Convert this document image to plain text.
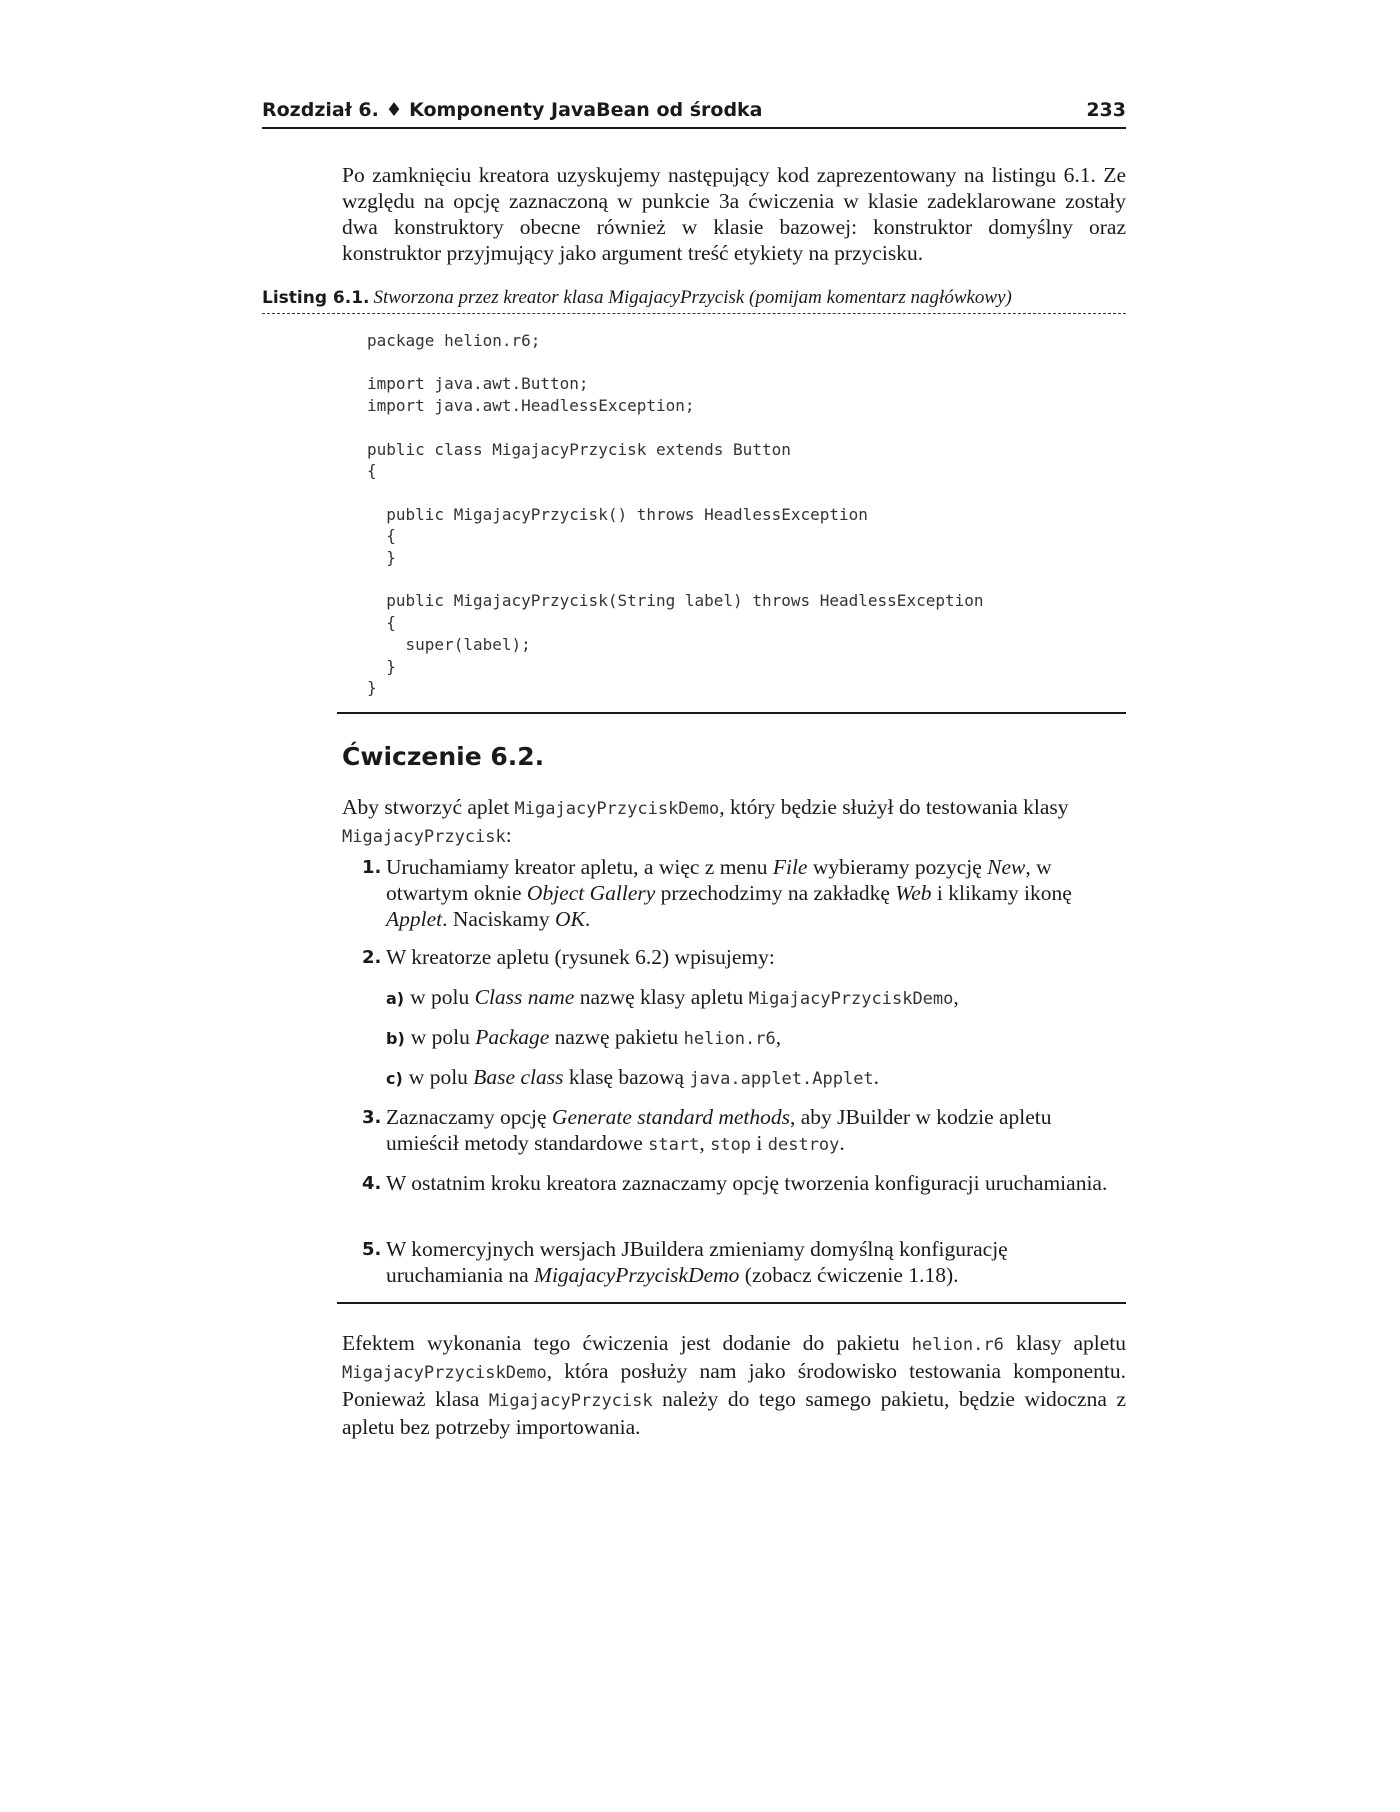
Rozdział 6. ♦ Komponenty JavaBean od środka	233
Po zamknięciu kreatora uzyskujemy następujący kod zaprezentowany na listingu 6.1. Ze względu na opcję zaznaczoną w punkcie 3a ćwiczenia w klasie zadeklarowane zostały dwa konstruktory obecne również w klasie bazowej: konstruktor domyślny oraz konstruktor przyjmujący jako argument treść etykiety na przycisku.
Listing 6.1. Stworzona przez kreator klasa MigajacyPrzycisk (pomijam komentarz nagłówkowy)
package helion.r6;

import java.awt.Button;
import java.awt.HeadlessException;

public class MigajacyPrzycisk extends Button
{

public MigajacyPrzycisk() throws HeadlessException
{
}

public MigajacyPrzycisk(String label) throws HeadlessException
{
super(label);
}
}

Ćwiczenie 6.2.
Aby stworzyć aplet MigajacyPrzyciskDemo, który będzie służył do testowania klasy
MigajacyPrzycisk:
1. Uruchamiamy kreator apletu, a więc z menu File wybieramy pozycję New, w otwartym oknie Object Gallery przechodzimy na zakładkę Web i klikamy ikonę Applet. Naciskamy OK.
2. W kreatorze apletu (rysunek 6.2) wpisujemy:
a) w polu Class name nazwę klasy apletu MigajacyPrzyciskDemo,
b) w polu Package nazwę pakietu helion.r6,
c) w polu Base class klasę bazową java.applet.Applet.
3. Zaznaczamy opcję Generate standard methods, aby JBuilder w kodzie apletu umieścił metody standardowe start, stop i destroy.
4. W ostatnim kroku kreatora zaznaczamy opcję tworzenia konfiguracji uruchamiania.
5. W komercyjnych wersjach JBuildera zmieniamy domyślną konfigurację uruchamiania na MigajacyPrzyciskDemo (zobacz ćwiczenie 1.18).
Efektem wykonania tego ćwiczenia jest dodanie do pakietu helion.r6 klasy apletu MigajacyPrzyciskDemo, która posłuży nam jako środowisko testowania komponentu. Ponieważ klasa MigajacyPrzycisk należy do tego samego pakietu, będzie widoczna z apletu bez potrzeby importowania.
